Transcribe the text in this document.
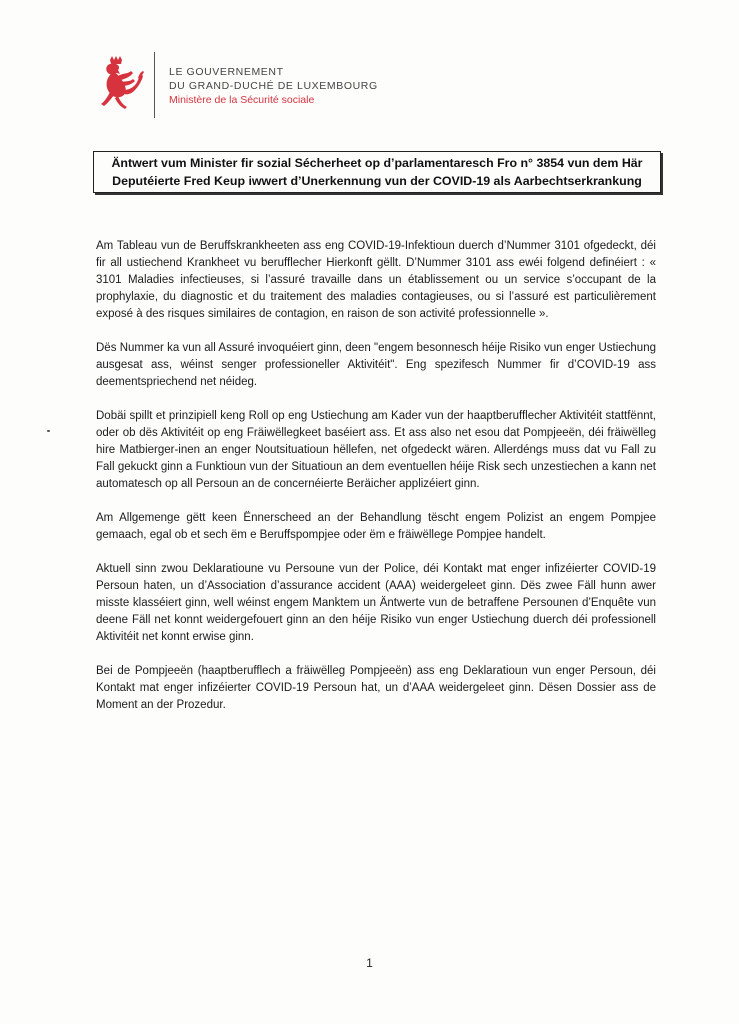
LE GOUVERNEMENT
DU GRAND-DUCHÉ DE LUXEMBOURG
Ministère de la Sécurité sociale
Äntwert vum Minister fir sozial Sécherheet op d’parlamentaresch Fro n° 3854 vun dem Här
Deputéierte Fred Keup iwwert d’Unerkennung vun der COVID-19 als Aarbechtserkrankung

Am Tableau vun de Beruffskrankheeten ass eng COVID-19-Infektioun duerch d’Nummer 3101 ofgedeckt, déi fir all ustiechend Krankheet vu berufflecher Hierkonft gëllt. D’Nummer 3101 ass ewéi folgend definéiert : « 3101 Maladies infectieuses, si l’assuré travaille dans un établissement ou un service s’occupant de la prophylaxie, du diagnostic et du traitement des maladies contagieuses, ou si l’assuré est particulièrement exposé à des risques similaires de contagion, en raison de son activité professionnelle ».

Dës Nummer ka vun all Assuré invoquéiert ginn, deen "engem besonnesch héije Risiko vun enger Ustiechung ausgesat ass, wéinst senger professioneller Aktivitéit". Eng spezifesch Nummer fir d’COVID-19 ass deementspriechend net néideg.

Dobäi spillt et prinzipiell keng Roll op eng Ustiechung am Kader vun der haaptberufflecher Aktivitéit stattfënnt, oder ob dës Aktivitéit op eng Fräiwëllegkeet baséiert ass. Et ass also net esou dat Pompjeeën, déi fräiwëlleg hire Matbierger-inen an enger Noutsituatioun hëllefen, net ofgedeckt wären. Allerdéngs muss dat vu Fall zu Fall gekuckt ginn a Funktioun vun der Situatioun an dem eventuellen héije Risk sech unzestiechen a kann net automatesch op all Persoun an de concernéierte Beräicher applizéiert ginn.

Am Allgemenge gëtt keen Ënnerscheed an der Behandlung tëscht engem Polizist an engem Pompjee gemaach, egal ob et sech ëm e Beruffspompjee oder ëm e fräiwëllege Pompjee handelt.

Aktuell sinn zwou Deklaratioune vu Persoune vun der Police, déi Kontakt mat enger infizéierter COVID-19 Persoun haten, un d’Association d’assurance accident (AAA) weidergeleet ginn. Dës zwee Fäll hunn awer misste klasséiert ginn, well wéinst engem Manktem un Äntwerte vun de betraffene Persounen d’Enquête vun deene Fäll net konnt weidergefouert ginn an den héije Risiko vun enger Ustiechung duerch déi professionell Aktivitéit net konnt erwise ginn.

Bei de Pompjeeën (haaptberufflech a fräiwëlleg Pompjeeën) ass eng Deklaratioun vun enger Persoun, déi Kontakt mat enger infizéierter COVID-19 Persoun hat, un d’AAA weidergeleet ginn. Dësen Dossier ass de Moment an der Prozedur.

1
